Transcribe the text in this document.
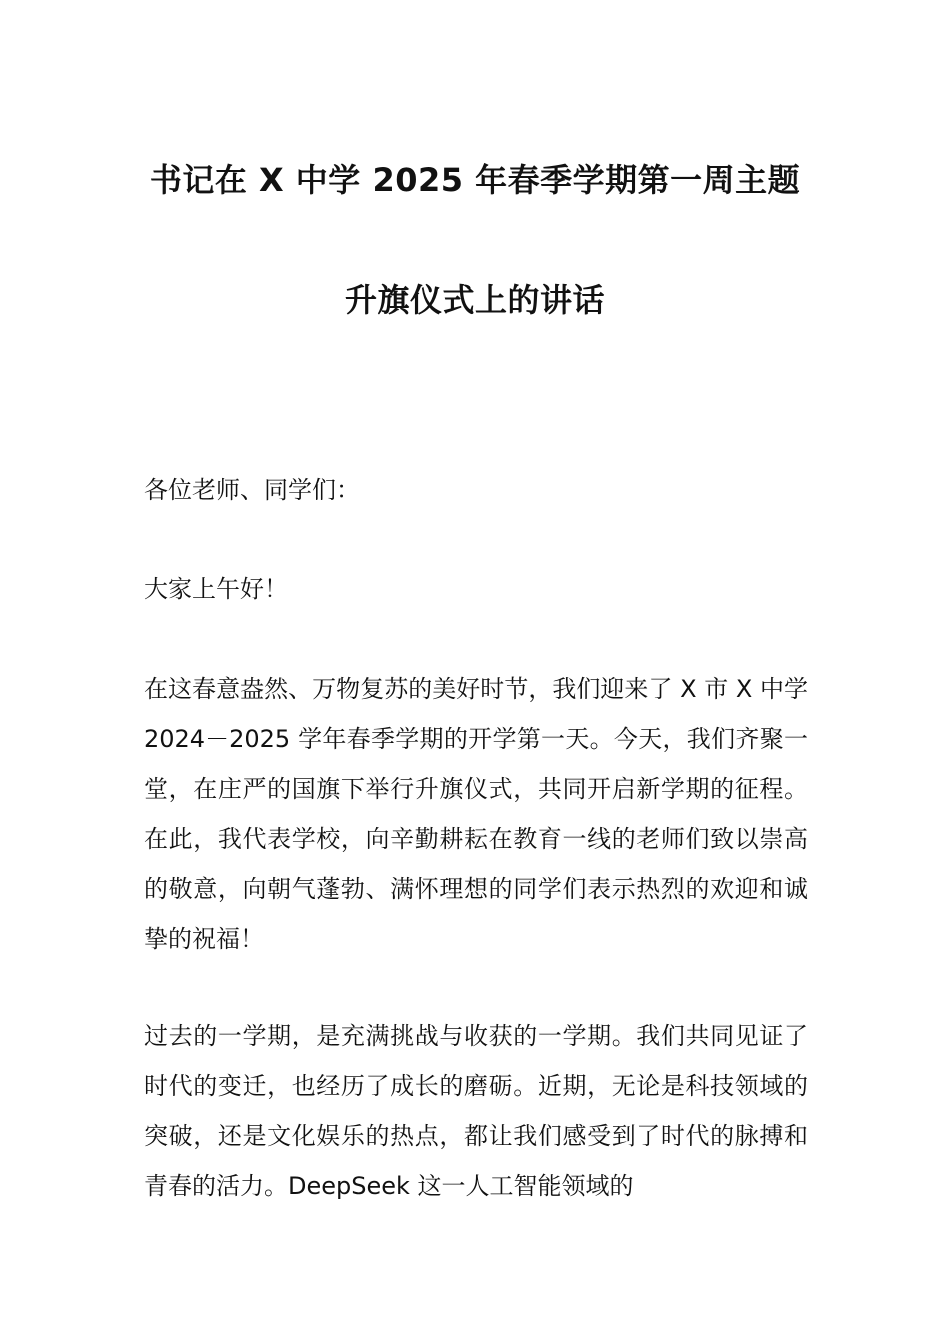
书记在 X 中学 2025 年春季学期第一周主题
升旗仪式上的讲话
各位老师、同学们：
大家上午好！
在这春意盎然、万物复苏的美好时节，我们迎来了 X 市 X 中学 2024－2025 学年春季学期的开学第一天。今天，我们齐聚一堂，在庄严的国旗下举行升旗仪式，共同开启新学期的征程。在此，我代表学校，向辛勤耕耘在教育一线的老师们致以崇高的敬意，向朝气蓬勃、满怀理想的同学们表示热烈的欢迎和诚挚的祝福！
过去的一学期，是充满挑战与收获的一学期。我们共同见证了时代的变迁，也经历了成长的磨砺。近期，无论是科技领域的突破，还是文化娱乐的热点，都让我们感受到了时代的脉搏和青春的活力。DeepSeek 这一人工智能领域的
